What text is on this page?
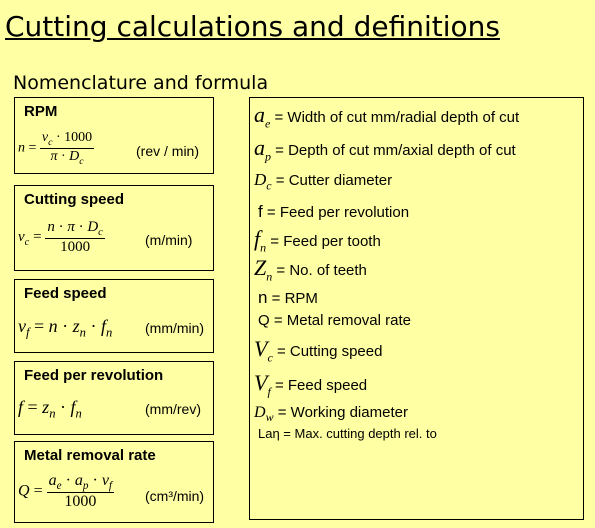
Cutting calculations and definitions
Nomenclature and formula
RPM
$n = \frac{v_c \cdot 1000}{\pi \cdot D_c}$	(rev / min)
Cutting speed
$v_c = \frac{n \cdot \pi \cdot D_c}{1000}$	(m/min)
Feed speed
$v_f = n \cdot z_n \cdot f_n$ (mm/min)
Feed per revolution
$f = z_n \cdot f_n$	(mm/rev)
Metal removal rate
$Q = \frac{a_e \cdot a_p \cdot v_f}{1000} (cm^3/\min)$
$a_e$ = Width of cut mm/radial depth of cut
$a_p$ = Depth of cut mm/axial depth of cut
$D_c$ = Cutter diameter
f = Feed per revolution
$f_n$ = Feed per tooth
$Z_n = No$. of teeth
n = RPM
Q = Metal removal rate
$V_c$ = Cutting speed
$V_f$ = Feed speed
$D_w$ = Working diameter
Laη = Max. cutting depth rel. to
